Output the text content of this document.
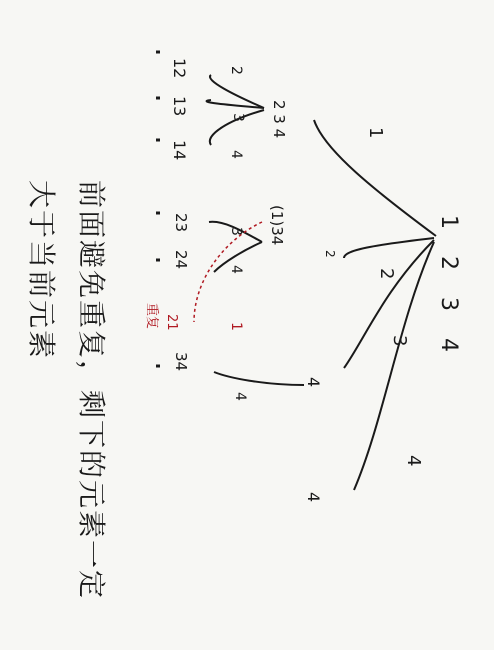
1 2 3 4
1
2
3
4
2 3 4
2
3
4
12
13
14
2
(1)34
3
4
1
23
24
21
重复
4
4
34
4
前面避免重复，剩下的元素一定
大于当前元素
